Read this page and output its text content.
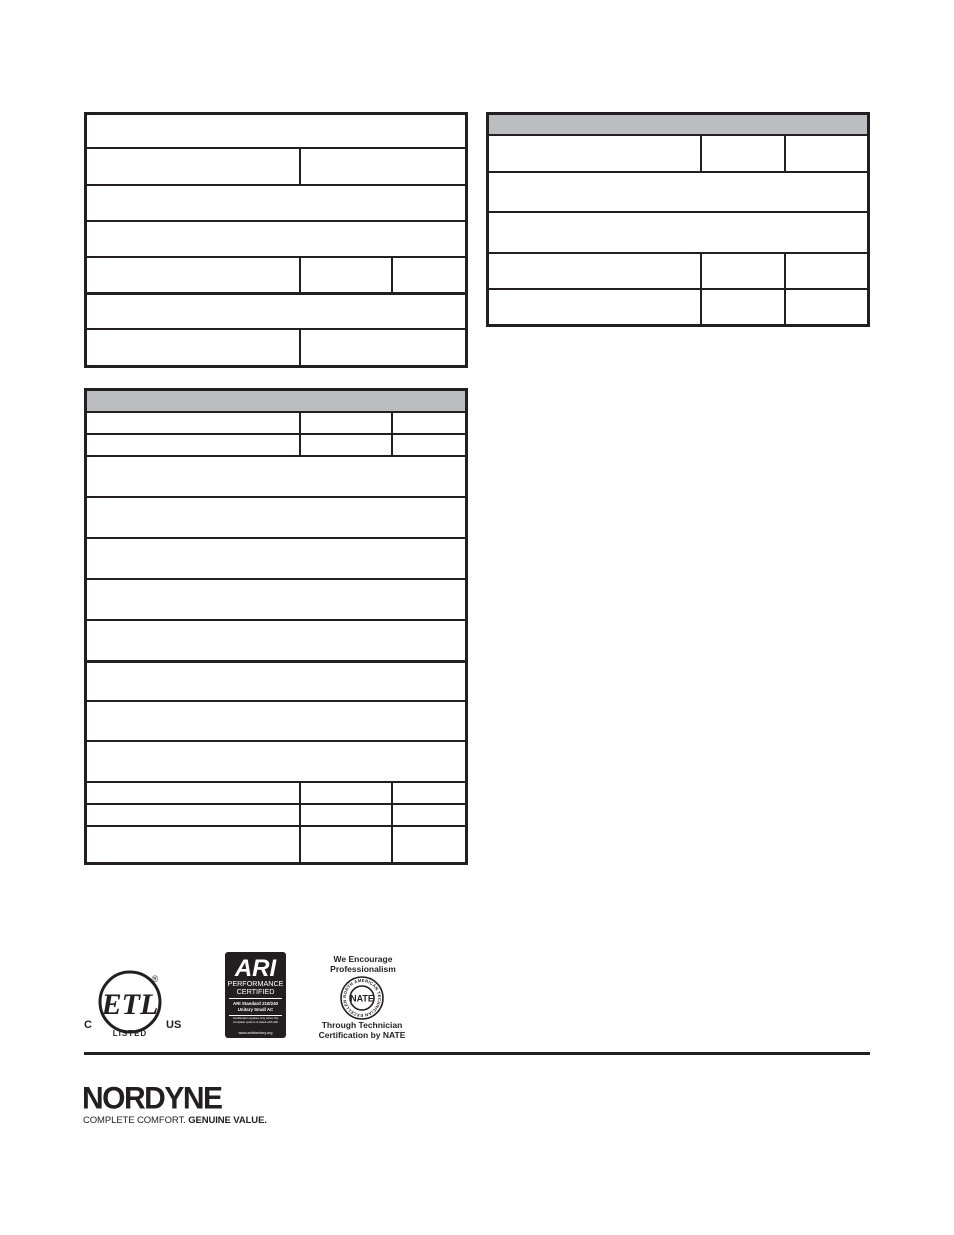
C	US
ETL
®
LISTED
ARI
PERFORMANCE
CERTIFIED
ARI Standard 210/240
Unitary Small AC
Certification applies only when the complete system is listed with ARI
www.aridirectory.org
We Encourage
Professionalism
NORTH AMERICAN TECHNICIAN EXCELLEN NATE
Through Technician
Certification by NATE
NORDYNE
COMPLETE COMFORT. GENUINE VALUE.
